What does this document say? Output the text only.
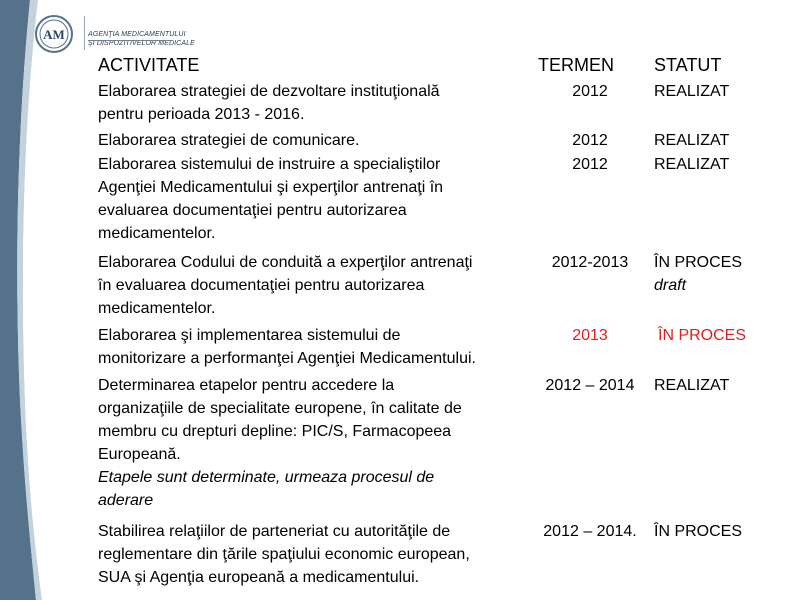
AM	AGENŢIA MEDICAMENTULUI
ŞI DISPOZITIVELOR MEDICALE
ACTIVITATE	TERMEN STATUT
Elaborarea strategiei de dezvoltare instituţională
pentru perioada 2013 - 2016.
2012	REALIZAT
Elaborarea strategiei de comunicare.	2012	REALIZAT
Elaborarea sistemului de instruire a specialiştilor
Agenţiei Medicamentului şi experţilor antrenaţi în
evaluarea documentaţiei pentru autorizarea
medicamentelor.
2012	REALIZAT
Elaborarea Codului de conduită a experţilor antrenaţi
în evaluarea documentaţiei pentru autorizarea
medicamentelor.
2012-2013	ÎN PROCES
draft
Elaborarea şi implementarea sistemului de
monitorizare a performanţei Agenţiei Medicamentului.
2013	ÎN PROCES
Determinarea etapelor pentru accedere la
organizaţiile de specialitate europene, în calitate de
membru cu drepturi depline: PIC/S, Farmacopeea
Europeană.
Etapele sunt determinate, urmeaza procesul de
aderare
2012 – 2014	REALIZAT
Stabilirea relaţiilor de parteneriat cu autorităţile de
reglementare din ţările spaţiului economic european,
SUA şi Agenţia europeană a medicamentului.
2012 – 2014.	ÎN PROCES
